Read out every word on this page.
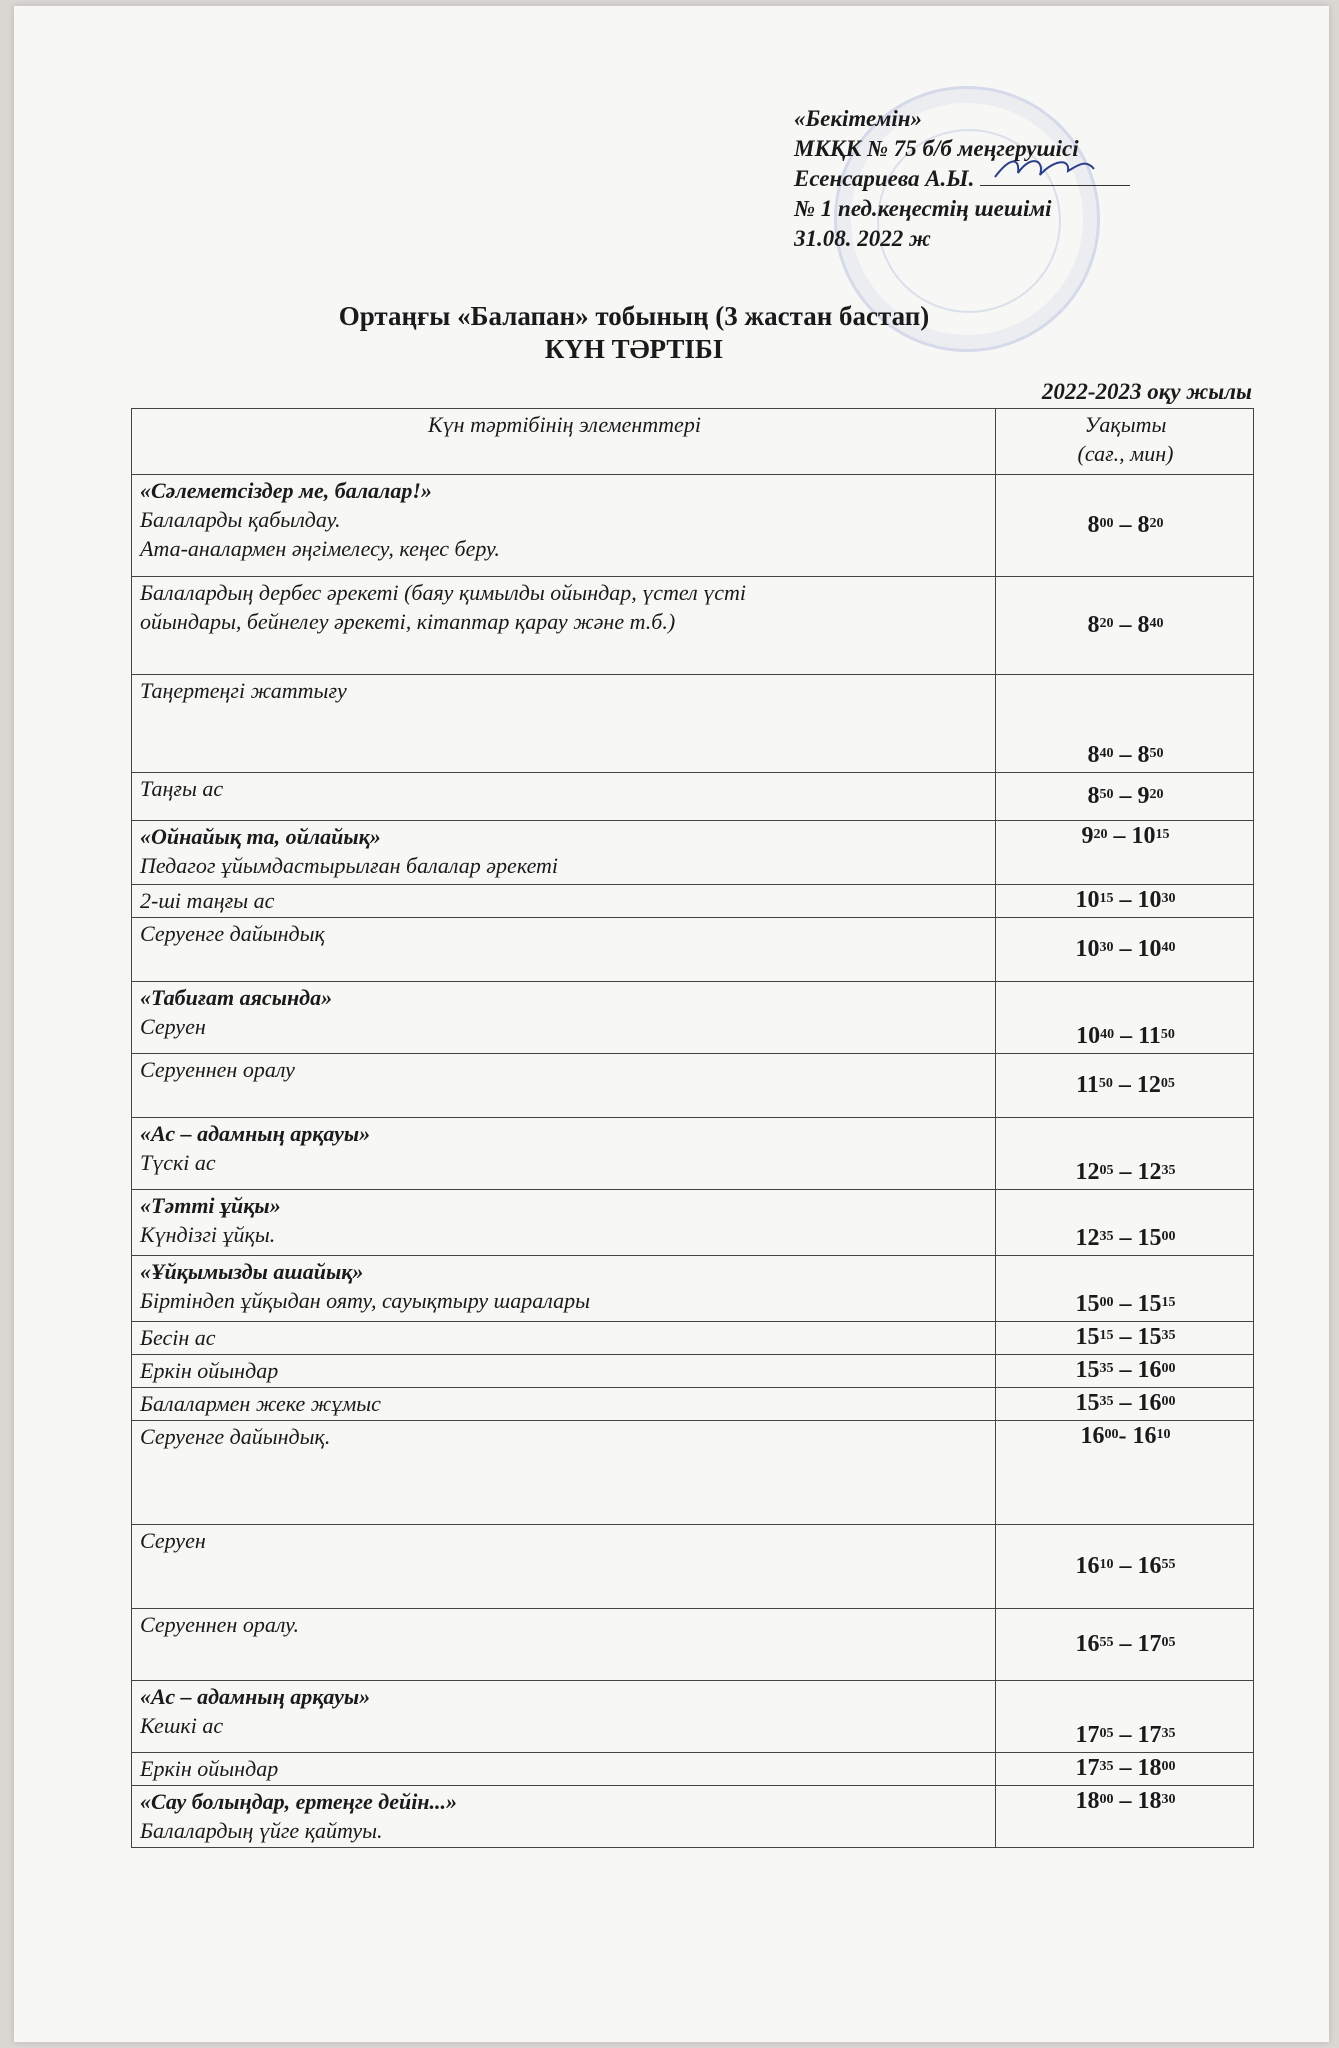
«Бекітемін»
МКҚК № 75 б/б меңгерушісі
Есенсариева А.Ы.
№ 1 пед.кеңестің шешімі
31.08. 2022 ж
Ортаңғы «Балапан» тобының (3 жастан бастап)
КҮН ТӘРТІБІ
2022-2023 оқу жылы
Күн тәртібінің элементтері	Уақыты
(сағ., мин)

«Сәлеметсіздер ме, балалар!»
Балаларды қабылдау.
Ата-аналармен әңгімелесу, кеңес беру.	$8^{00} - 8^{20}$

Балалардың дербес әрекеті (баяу қимылды ойындар, үстел үсті
ойындары, бейнелеу әрекеті, кітаптар қарау және т.б.)	$8^{20} - 8^{40}$

Таңертеңгі жаттығу	$8^{40} - 8^{50}$

Таңғы ас	$8^{50} - 9^{20}$

«Ойнайық та, ойлайық»
Педагог ұйымдастырылған балалар әрекеті	$9^{20} - 10^{15}$

2-ші таңғы ас	$10^{15} - 10^{30}$

Серуенге дайындық	$10^{30} - 10^{40}$

«Табиғат аясында»
Серуен	$10^{40} - 11^{50}$

Серуеннен оралу	$11^{50} - 12^{05}$

«Ас – адамның арқауы»
Түскі ас	$12^{05} - 12^{35}$

«Тәтті ұйқы»
Күндізгі ұйқы.	$12^{35} - 15^{00}$

«Ұйқымызды ашайық»
Біртіндеп ұйқыдан ояту, сауықтыру шаралары	$15^{00} - 15^{15}$

Бесін ас	$15^{15} - 15^{35}$

Еркін ойындар	$15^{35} - 16^{00}$

Балалармен жеке жұмыс	$15^{35} - 16^{00}$

Серуенге дайындық.	$16^{00}-$ $16^{10}$

Серуен	$16^{10} - 16^{55}$

Серуеннен оралу.	$16^{55} - 17^{05}$

«Ас – адамның арқауы»
Кешкі ас	$17^{05} - 17^{35}$

Еркін ойындар	$17^{35} - 18^{00}$

«Сау болыңдар, ертеңге дейін...»
Балалардың үйге қайтуы.	$18^{00} - 18^{30}$
